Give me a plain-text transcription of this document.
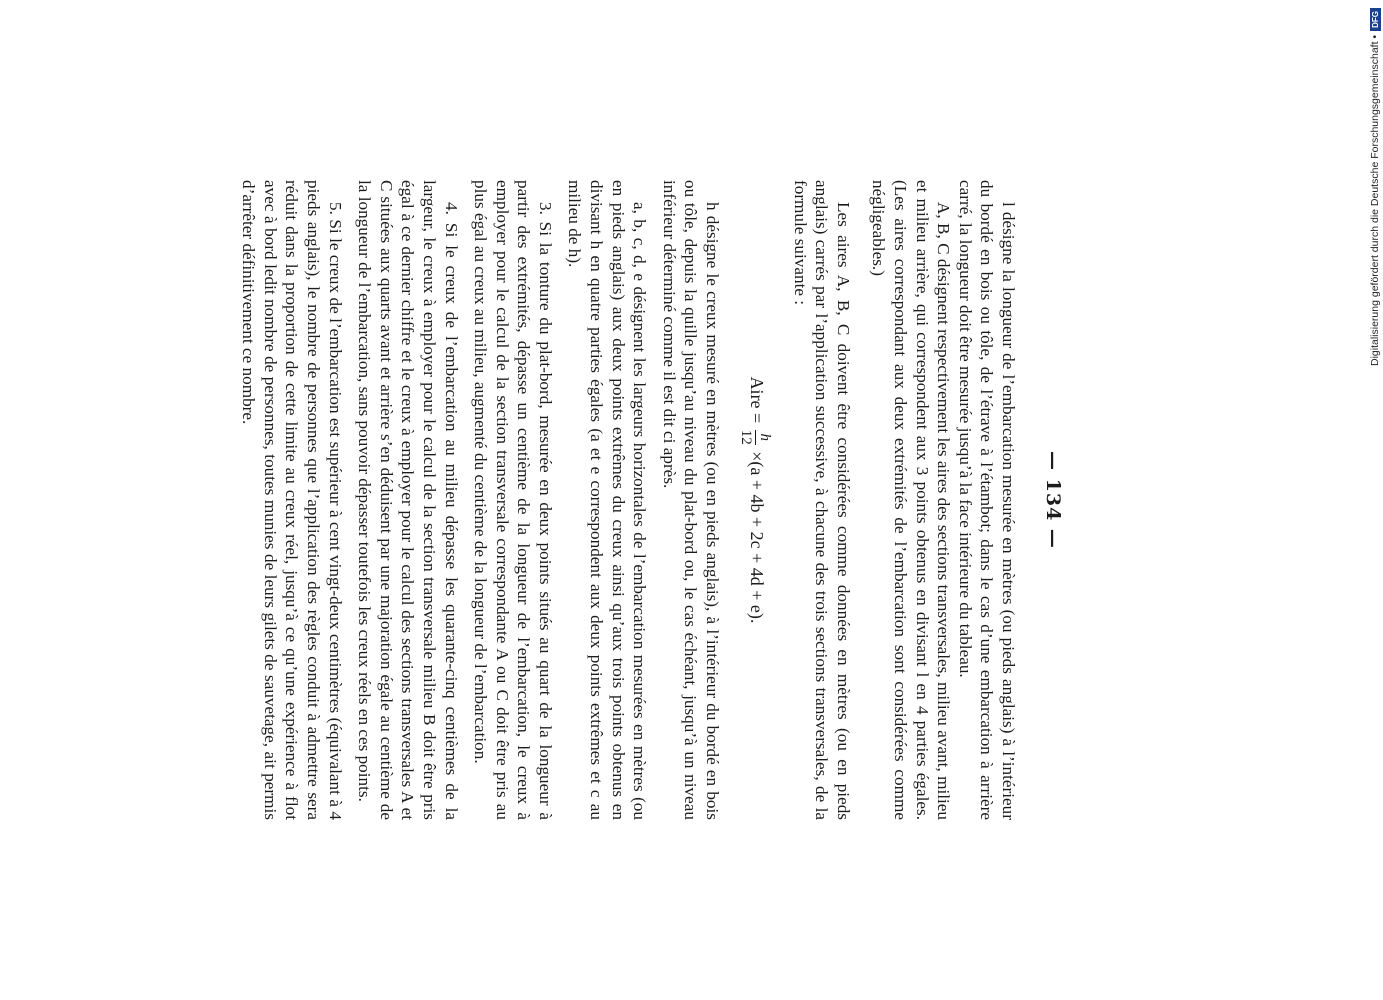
— 134 —

l désigne la longueur de l’embarcation mesurée en mètres (ou pieds anglais) à l’intérieur du bordé en bois ou tôle, de l’étrave à l’étambot; dans le cas d’une embarcation à arrière carré, la longueur doit être mesurée jusqu’à la face intérieure du tableau.

A, B, C désignent respectivement les aires des sections transversales, milieu avant, milieu et milieu arrière, qui correspondent aux 3 points obtenus en divisant l en 4 parties égales. (Les aires correspondant aux deux extrémités de l’embarcation sont considérées comme négligeables.)

Les aires A, B, C doivent être considérées comme données en mètres (ou en pieds anglais) carrés par l’application successive, à chacune des trois sections transversales, de la formule suivante :

Aire =
h
12
×(a + 4b + 2c + 4d + e).

h désigne le creux mesuré en mètres (ou en pieds anglais), à l’intérieur du bordé en bois ou tôle, depuis la quille jusqu’au niveau du plat-bord ou, le cas échéant, jusqu’à un niveau inférieur déterminé comme il est dit ci après.

a, b, c, d, e désignent les largeurs horizontales de l’embarcation mesurées en mètres (ou en pieds anglais) aux deux points extrêmes du creux ainsi qu’aux trois points obtenus en divisant h en quatre parties égales (a et e correspondent aux deux points extrêmes et c au milieu de h).

3. Si la tonture du plat-bord, mesurée en deux points situés au quart de la longueur à partir des extrémités, dépasse un centième de la longueur de l’embarcation, le creux à employer pour le calcul de la section transversale correspondante A ou C doit être pris au plus égal au creux au milieu, augmenté du centième de la longueur de l’embarcation.

4. Si le creux de l’embarcation au milieu dépasse les quarante-cinq centièmes de la largeur, le creux à employer pour le calcul de la section transversale milieu B doit être pris égal à ce dernier chiffre et le creux à employer pour le calcul des sections transversales A et C situées aux quarts avant et arrière s’en déduisent par une majoration égale au centième de la longueur de l’embarcation, sans pouvoir dépasser toutefois les creux réels en ces points.

5. Si le creux de l’embarcation est supérieur à cent vingt-deux centimètres (équivalant à 4 pieds anglais), le nombre de personnes que l’application des règles conduit à admettre sera réduit dans la proportion de cette limite au creux réel, jusqu’à ce qu’une expérience à flot avec à bord ledit nombre de personnes, toutes munies de leurs gilets de sauvetage, ait permis d’arrêter définitivement ce nombre.	Digitalisierung gefördert durch die Deutsche Forschungsgemeinschaft •
DFG
